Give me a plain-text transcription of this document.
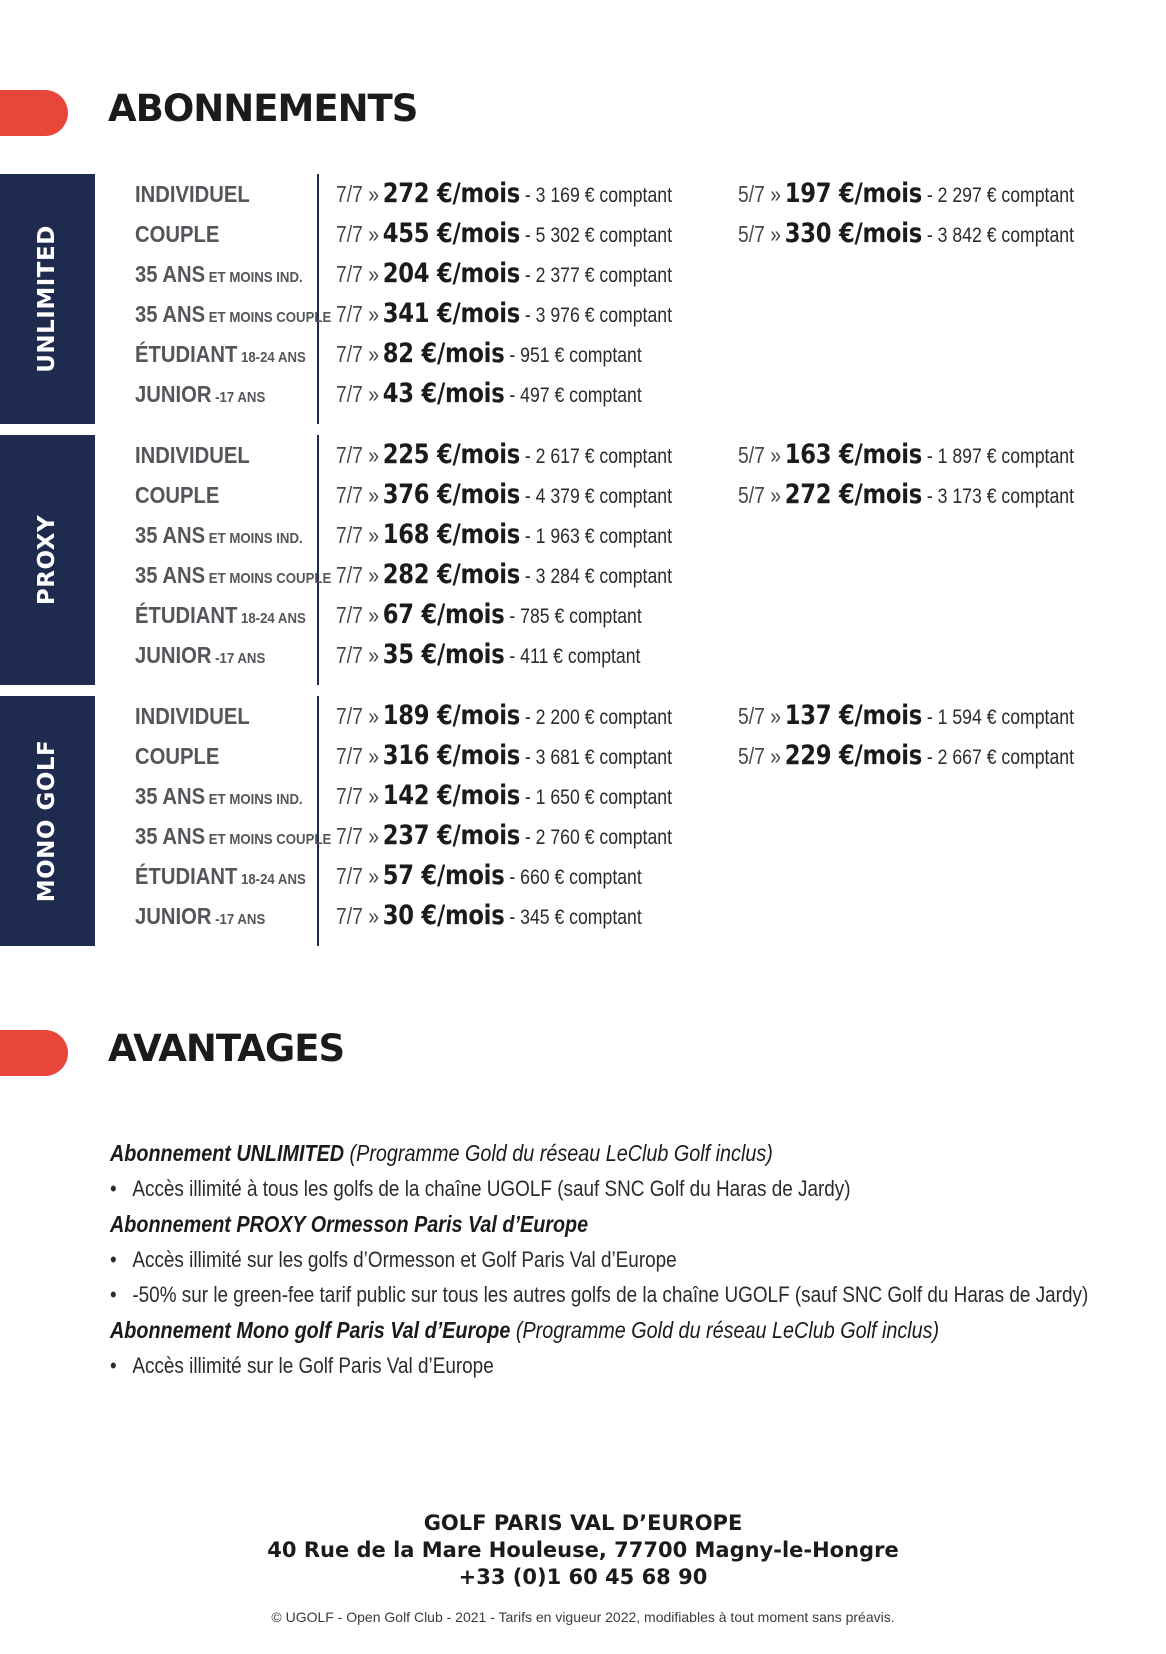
ABONNEMENTS
UNLIMITED
INDIVIDUEL	7/7 » 272 €/mois - 3 169 € comptant	5/7 » 197 €/mois - 2 297 € comptant
COUPLE	7/7 » 455 €/mois - 5 302 € comptant	5/7 » 330 €/mois - 3 842 € comptant
35 ANS ET MOINS IND. 7/7 » 204 €/mois - 2 377 € comptant
35 ANS ET MOINS COUPLE 7/7 » 341 €/mois - 3 976 € comptant
ÉTUDIANT 18-24 ANS 7/7 » 82 €/mois - 951 € comptant
JUNIOR -17 ANS	7/7 » 43 €/mois - 497 € comptant
PROXY
INDIVIDUEL	7/7 » 225 €/mois - 2 617 € comptant	5/7 » 163 €/mois - 1 897 € comptant
COUPLE	7/7 » 376 €/mois - 4 379 € comptant	5/7 » 272 €/mois - 3 173 € comptant
35 ANS ET MOINS IND. 7/7 » 168 €/mois - 1 963 € comptant
35 ANS ET MOINS COUPLE 7/7 » 282 €/mois - 3 284 € comptant
ÉTUDIANT 18-24 ANS 7/7 » 67 €/mois - 785 € comptant
JUNIOR -17 ANS	7/7 » 35 €/mois - 411 € comptant
MONO GOLF
INDIVIDUEL	7/7 » 189 €/mois - 2 200 € comptant	5/7 » 137 €/mois - 1 594 € comptant
COUPLE	7/7 » 316 €/mois - 3 681 € comptant	5/7 » 229 €/mois - 2 667 € comptant
35 ANS ET MOINS IND. 7/7 » 142 €/mois - 1 650 € comptant
35 ANS ET MOINS COUPLE 7/7 » 237 €/mois - 2 760 € comptant
ÉTUDIANT 18-24 ANS 7/7 » 57 €/mois - 660 € comptant
JUNIOR -17 ANS	7/7 » 30 €/mois - 345 € comptant
AVANTAGES
Abonnement UNLIMITED (Programme Gold du réseau LeClub Golf inclus)
• Accès illimité à tous les golfs de la chaîne UGOLF (sauf SNC Golf du Haras de Jardy)
Abonnement PROXY Ormesson Paris Val d’Europe
• Accès illimité sur les golfs d’Ormesson et Golf Paris Val d’Europe
• -50% sur le green-fee tarif public sur tous les autres golfs de la chaîne UGOLF (sauf SNC Golf du Haras de Jardy)
Abonnement Mono golf Paris Val d’Europe (Programme Gold du réseau LeClub Golf inclus)
• Accès illimité sur le Golf Paris Val d’Europe
GOLF PARIS VAL D’EUROPE
40 Rue de la Mare Houleuse, 77700 Magny-le-Hongre
+33 (0)1 60 45 68 90
© UGOLF - Open Golf Club - 2021 - Tarifs en vigueur 2022, modifiables à tout moment sans préavis.
